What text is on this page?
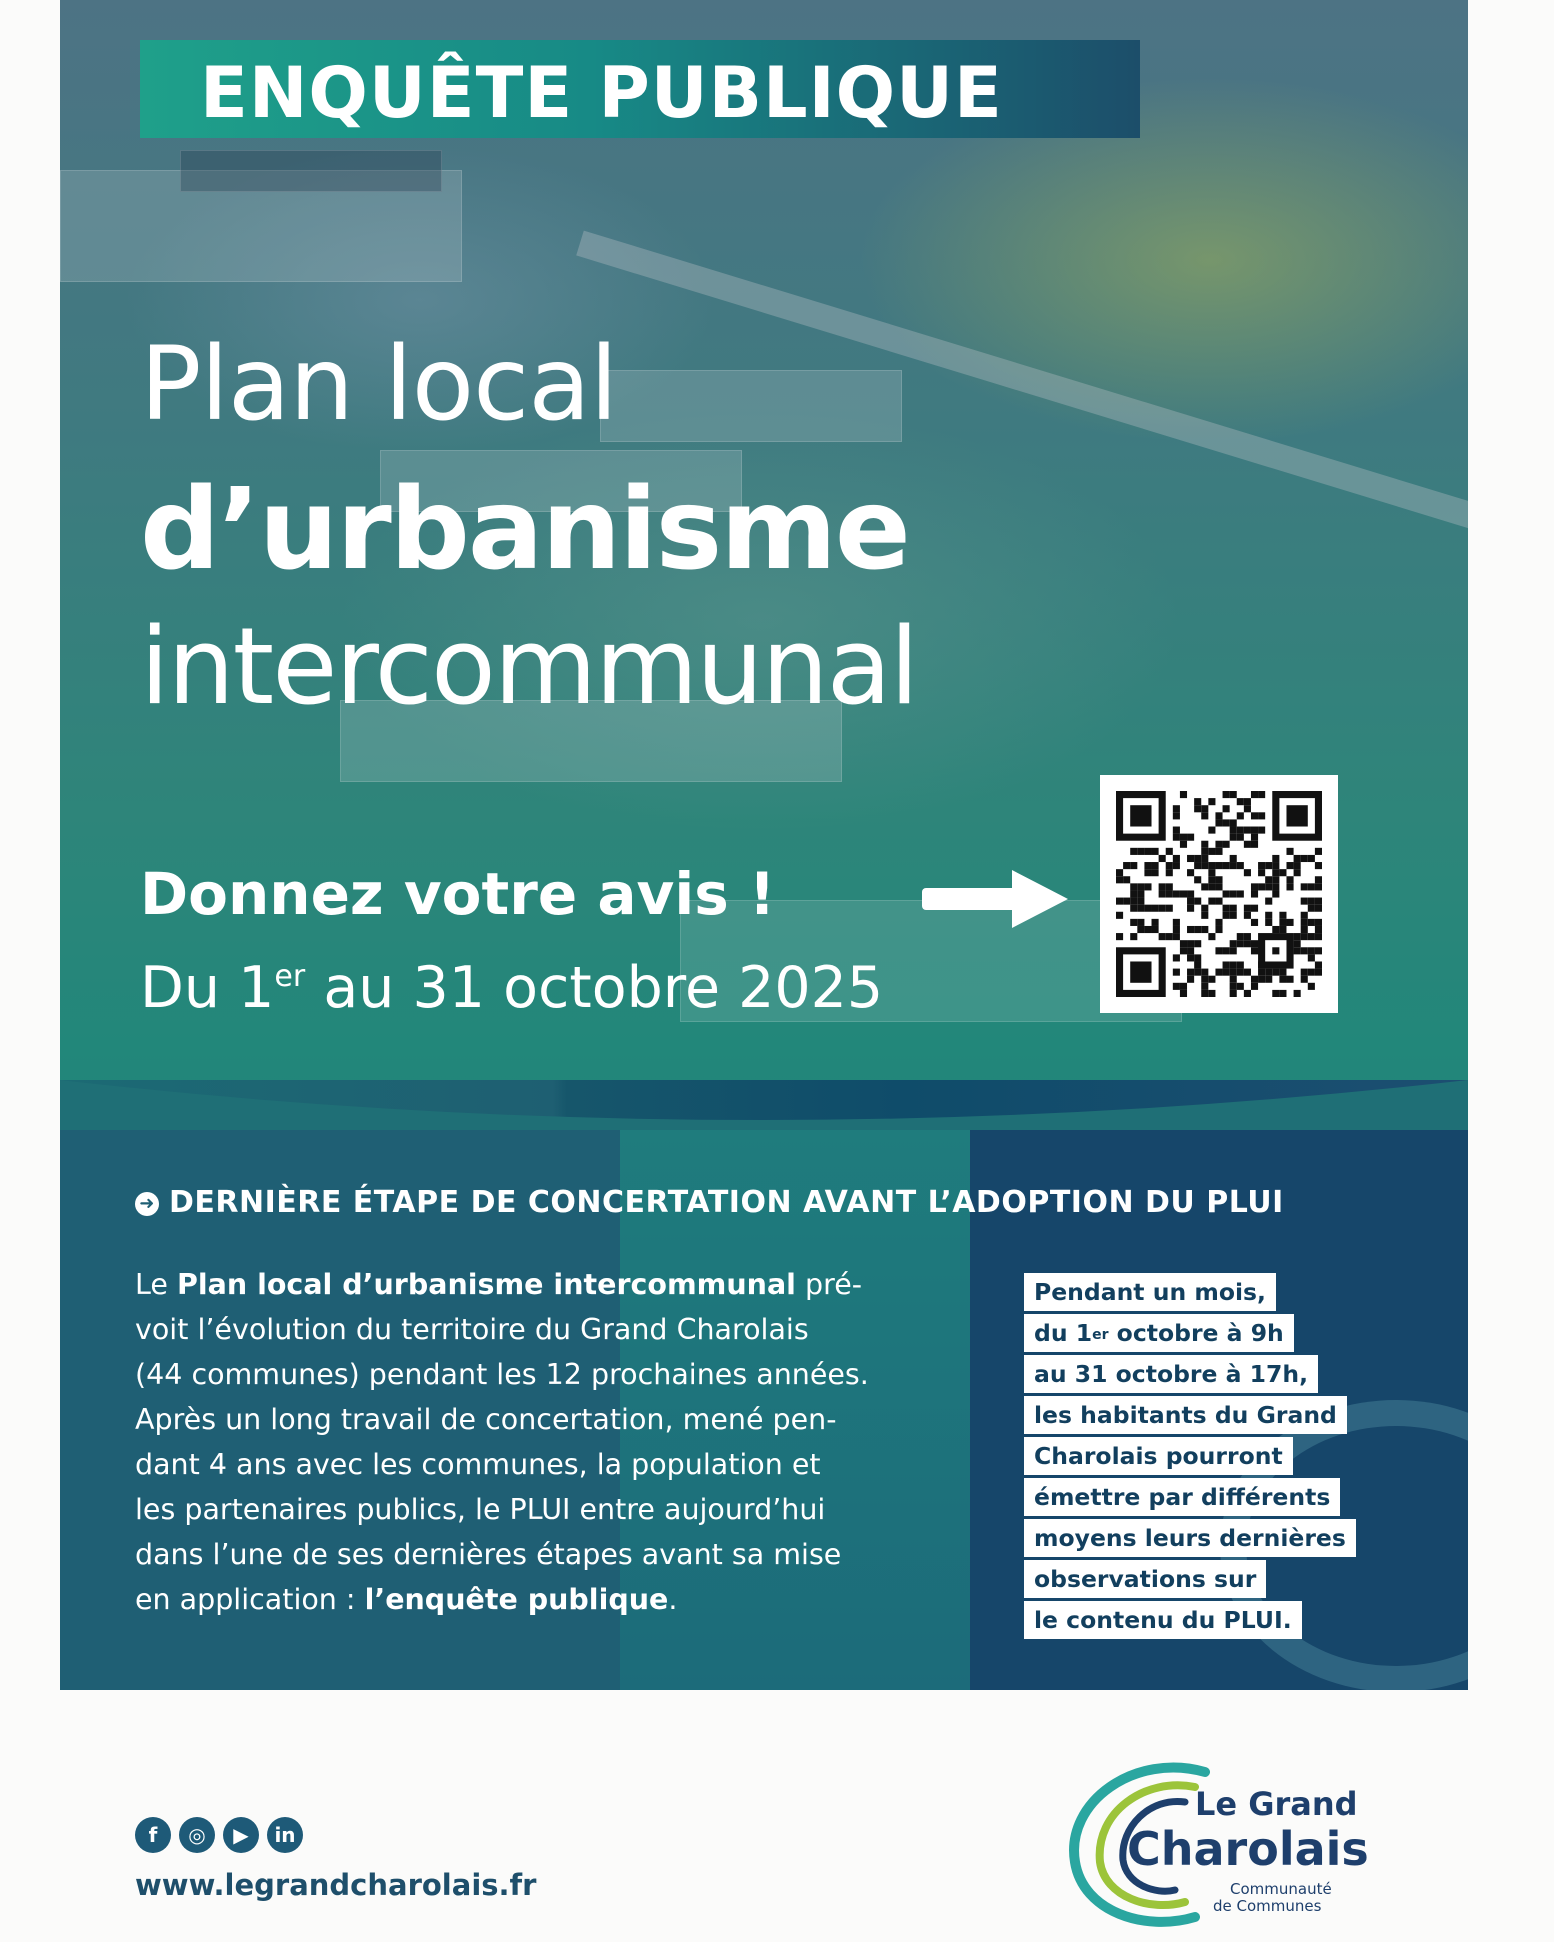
ENQUÊTE PUBLIQUE
Plan local
d’urbanisme
intercommunal
Donnez votre avis !
Du 1er au 31 octobre 2025
➜ DERNIÈRE ÉTAPE DE CONCERTATION AVANT L’ADOPTION DU PLUI
Le Plan local d’urbanisme intercommunal pré-
voit l’évolution du territoire du Grand Charolais
(44 communes) pendant les 12 prochaines années.
Après un long travail de concertation, mené pen-
dant 4 ans avec les communes, la population et
les partenaires publics, le PLUI entre aujourd’hui
dans l’une de ses dernières étapes avant sa mise
en application : l’enquête publique.
Pendant un mois,
du 1er octobre à 9h
au 31 octobre à 17h,
les habitants du Grand
Charolais pourront
émettre par différents
moyens leurs dernières
observations sur
le contenu du PLUI.
f ◎ ▶ in
www.legrandcharolais.fr
Le Grand
Charolais
Communauté
de Communes
